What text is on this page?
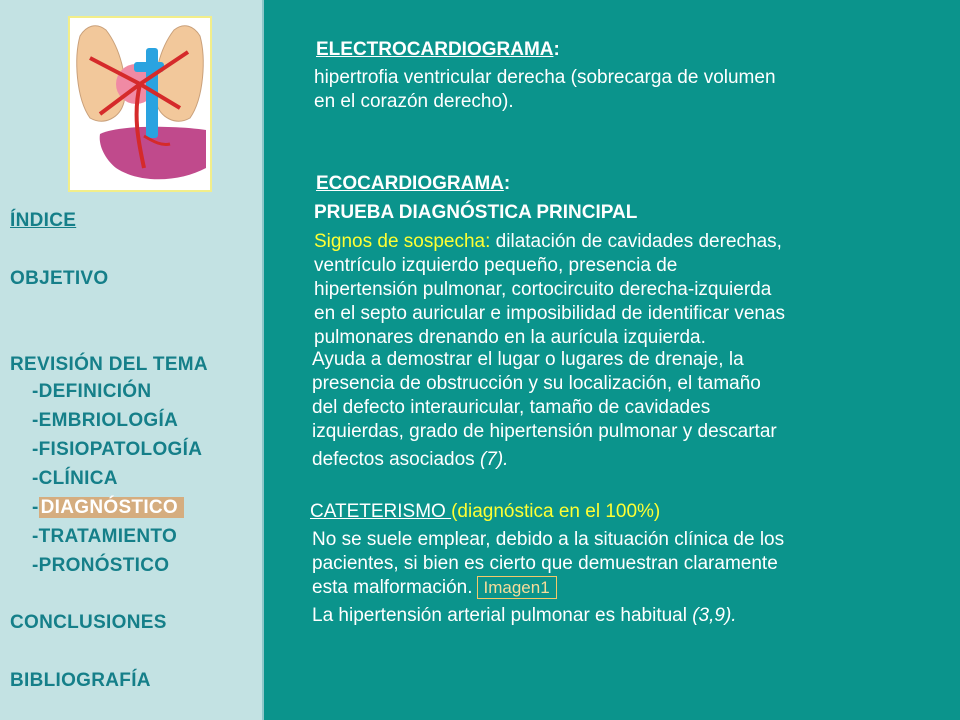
ÍNDICE
OBJETIVO
REVISIÓN DEL TEMA
-DEFINICIÓN
-EMBRIOLOGÍA
-FISIOPATOLOGÍA
-CLÍNICA
- DIAGNÓSTICO
-TRATAMIENTO
-PRONÓSTICO
CONCLUSIONES
BIBLIOGRAFÍA
ELECTROCARDIOGRAMA:
hipertrofia ventricular derecha (sobrecarga de volumen
en el corazón derecho).
ECOCARDIOGRAMA:
PRUEBA DIAGNÓSTICA PRINCIPAL
Signos de sospecha: dilatación de cavidades derechas,
ventrículo izquierdo pequeño, presencia de
hipertensión pulmonar, cortocircuito derecha-izquierda
en el septo auricular e imposibilidad de identificar venas
pulmonares drenando en la aurícula izquierda.
Ayuda a demostrar el lugar o lugares de drenaje, la
presencia de obstrucción y su localización, el tamaño
del defecto interauricular, tamaño de cavidades
izquierdas, grado de hipertensión pulmonar y descartar
defectos asociados (7).
CATETERISMO (diagnóstica en el 100%)
No se suele emplear, debido a la situación clínica de los
pacientes, si bien es cierto que demuestran claramente
esta malformación. Imagen1
La hipertensión arterial pulmonar es habitual (3,9).
